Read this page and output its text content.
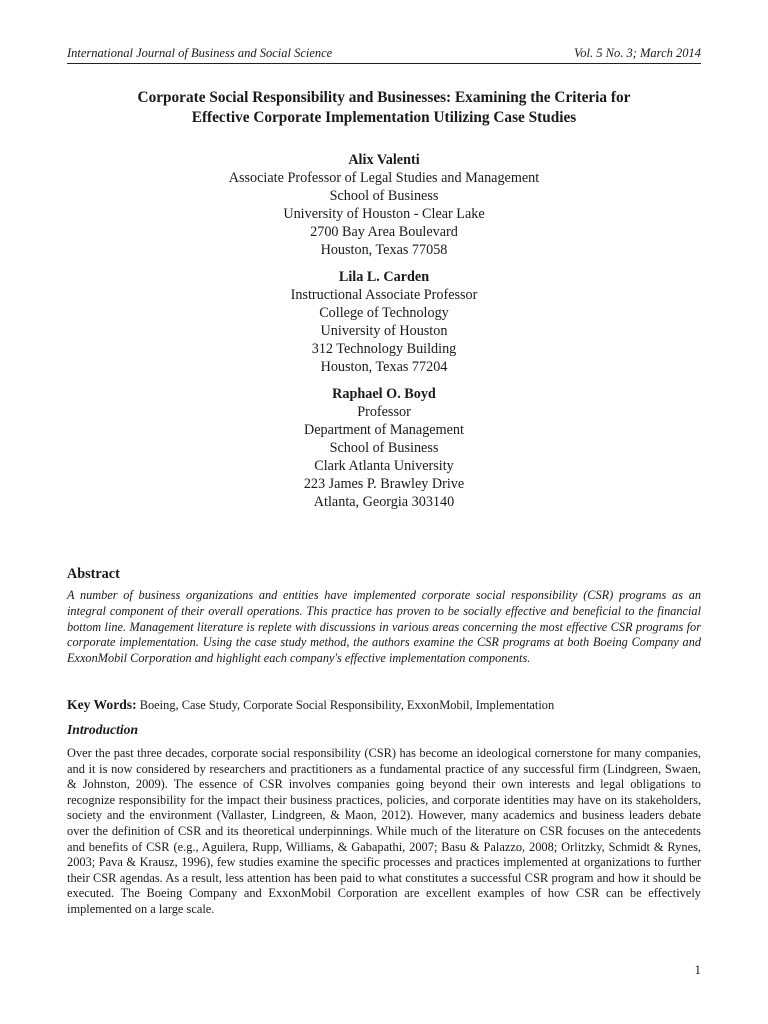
International Journal of Business and Social Science	Vol. 5 No. 3; March 2014
Corporate Social Responsibility and Businesses: Examining the Criteria for
Effective Corporate Implementation Utilizing Case Studies
Alix Valenti
Associate Professor of Legal Studies and Management
School of Business
University of Houston - Clear Lake
2700 Bay Area Boulevard
Houston, Texas 77058
Lila L. Carden
Instructional Associate Professor
College of Technology
University of Houston
312 Technology Building
Houston, Texas 77204
Raphael O. Boyd
Professor
Department of Management
School of Business
Clark Atlanta University
223 James P. Brawley Drive
Atlanta, Georgia 303140
Abstract
A number of business organizations and entities have implemented corporate social responsibility (CSR) programs as an integral component of their overall operations. This practice has proven to be socially effective and beneficial to the financial bottom line. Management literature is replete with discussions in various areas concerning the most effective CSR programs for corporate implementation. Using the case study method, the authors examine the CSR programs at both Boeing Company and ExxonMobil Corporation and highlight each company's effective implementation components.
Key Words: Boeing, Case Study, Corporate Social Responsibility, ExxonMobil, Implementation
Introduction
Over the past three decades, corporate social responsibility (CSR) has become an ideological cornerstone for many companies, and it is now considered by researchers and practitioners as a fundamental practice of any successful firm (Lindgreen, Swaen, & Johnston, 2009). The essence of CSR involves companies going beyond their own interests and legal obligations to recognize responsibility for the impact their business practices, policies, and corporate identities may have on its stakeholders, society and the environment (Vallaster, Lindgreen, & Maon, 2012). However, many academics and business leaders debate over the definition of CSR and its theoretical underpinnings. While much of the literature on CSR focuses on the antecedents and benefits of CSR (e.g., Aguilera, Rupp, Williams, & Gabapathi, 2007; Basu & Palazzo, 2008; Orlitzky, Schmidt & Rynes, 2003; Pava & Krausz, 1996), few studies examine the specific processes and practices implemented at organizations to further their CSR agendas. As a result, less attention has been paid to what constitutes a successful CSR program and how it should be executed. The Boeing Company and ExxonMobil Corporation are excellent examples of how CSR can be effectively implemented on a large scale.
1
